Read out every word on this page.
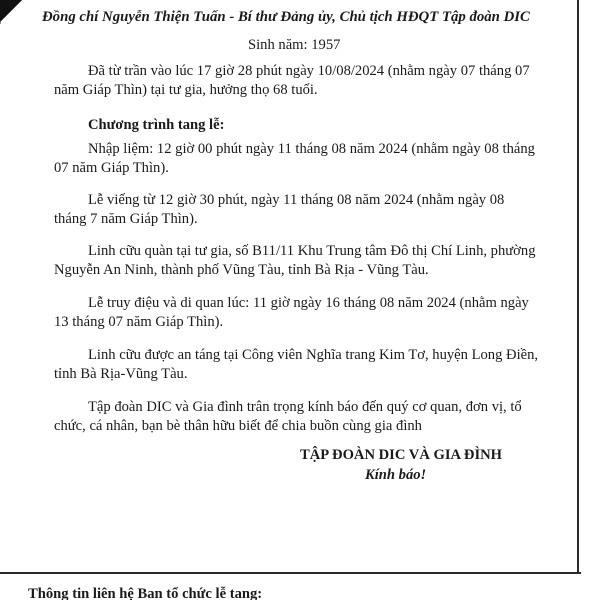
Đồng chí Nguyễn Thiện Tuấn - Bí thư Đảng ủy, Chủ tịch HĐQT Tập đoàn DIC
Sinh năm: 1957
Đã từ trần vào lúc 17 giờ 28 phút ngày 10/08/2024 (nhằm ngày 07 tháng 07
năm Giáp Thìn) tại tư gia, hưởng thọ 68 tuổi.
Chương trình tang lễ:
Nhập liệm: 12 giờ 00 phút ngày 11 tháng 08 năm 2024 (nhằm ngày 08 tháng
07 năm Giáp Thìn).
Lễ viếng từ 12 giờ 30 phút, ngày 11 tháng 08 năm 2024 (nhằm ngày 08
tháng 7 năm Giáp Thìn).
Linh cữu quàn tại tư gia, số B11/11 Khu Trung tâm Đô thị Chí Linh, phường
Nguyễn An Ninh, thành phố Vũng Tàu, tỉnh Bà Rịa - Vũng Tàu.
Lễ truy điệu và di quan lúc: 11 giờ ngày 16 tháng 08 năm 2024 (nhằm ngày
13 tháng 07 năm Giáp Thìn).
Linh cữu được an táng tại Công viên Nghĩa trang Kim Tơ, huyện Long Điền,
tỉnh Bà Rịa-Vũng Tàu.
Tập đoàn DIC và Gia đình trân trọng kính báo đến quý cơ quan, đơn vị, tổ
chức, cá nhân, bạn bè thân hữu biết để chia buồn cùng gia đình
TẬP ĐOÀN DIC VÀ GIA ĐÌNH
Kính báo!
Thông tin liên hệ Ban tổ chức lễ tang:
